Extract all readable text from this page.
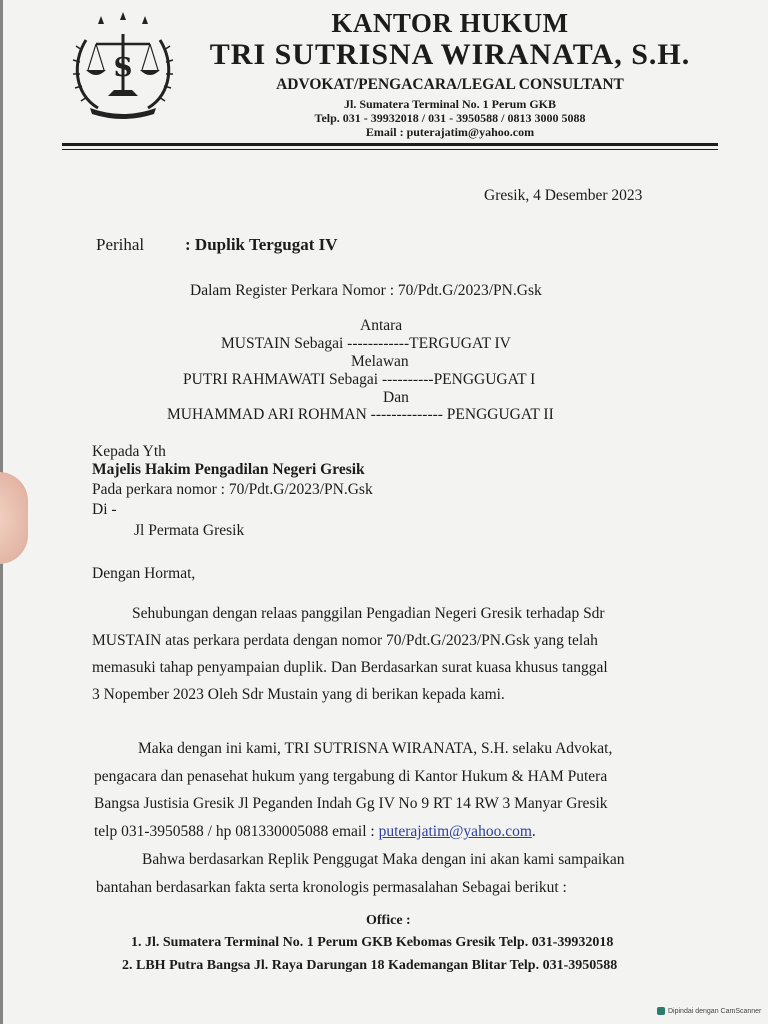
S
KANTOR HUKUM
TRI SUTRISNA WIRANATA, S.H.
ADVOKAT/PENGACARA/LEGAL CONSULTANT
Jl. Sumatera Terminal No. 1 Perum GKB
Telp. 031 - 39932018 / 031 - 3950588 / 0813 3000 5088
Email : puterajatim@yahoo.com
Gresik, 4 Desember 2023
Perihal : Duplik Tergugat IV
Dalam Register Perkara Nomor : 70/Pdt.G/2023/PN.Gsk
Antara
MUSTAIN Sebagai ------------TERGUGAT IV
Melawan
PUTRI RAHMAWATI Sebagai ----------PENGGUGAT I
Dan
MUHAMMAD ARI ROHMAN -------------- PENGGUGAT II
Kepada Yth
Majelis Hakim Pengadilan Negeri Gresik
Pada perkara nomor : 70/Pdt.G/2023/PN.Gsk
Di -
Jl Permata Gresik
Dengan Hormat,
Sehubungan dengan relaas panggilan Pengadian Negeri Gresik terhadap Sdr
MUSTAIN atas perkara perdata dengan nomor 70/Pdt.G/2023/PN.Gsk yang telah
memasuki tahap penyampaian duplik. Dan Berdasarkan surat kuasa khusus tanggal
3 Nopember 2023 Oleh Sdr Mustain yang di berikan kepada kami.
Maka dengan ini kami, TRI SUTRISNA WIRANATA, S.H. selaku Advokat,
pengacara dan penasehat hukum yang tergabung di Kantor Hukum & HAM Putera
Bangsa Justisia Gresik Jl Peganden Indah Gg IV No 9 RT 14 RW 3 Manyar Gresik
telp 031-3950588 / hp 081330005088 email : puterajatim@yahoo.com.
Bahwa berdasarkan Replik Penggugat Maka dengan ini akan kami sampaikan
bantahan berdasarkan fakta serta kronologis permasalahan Sebagai berikut :
Office :
1. Jl. Sumatera Terminal No. 1 Perum GKB Kebomas Gresik Telp. 031-39932018
2. LBH Putra Bangsa Jl. Raya Darungan 18 Kademangan Blitar Telp. 031-3950588
Dipindai dengan CamScanner
